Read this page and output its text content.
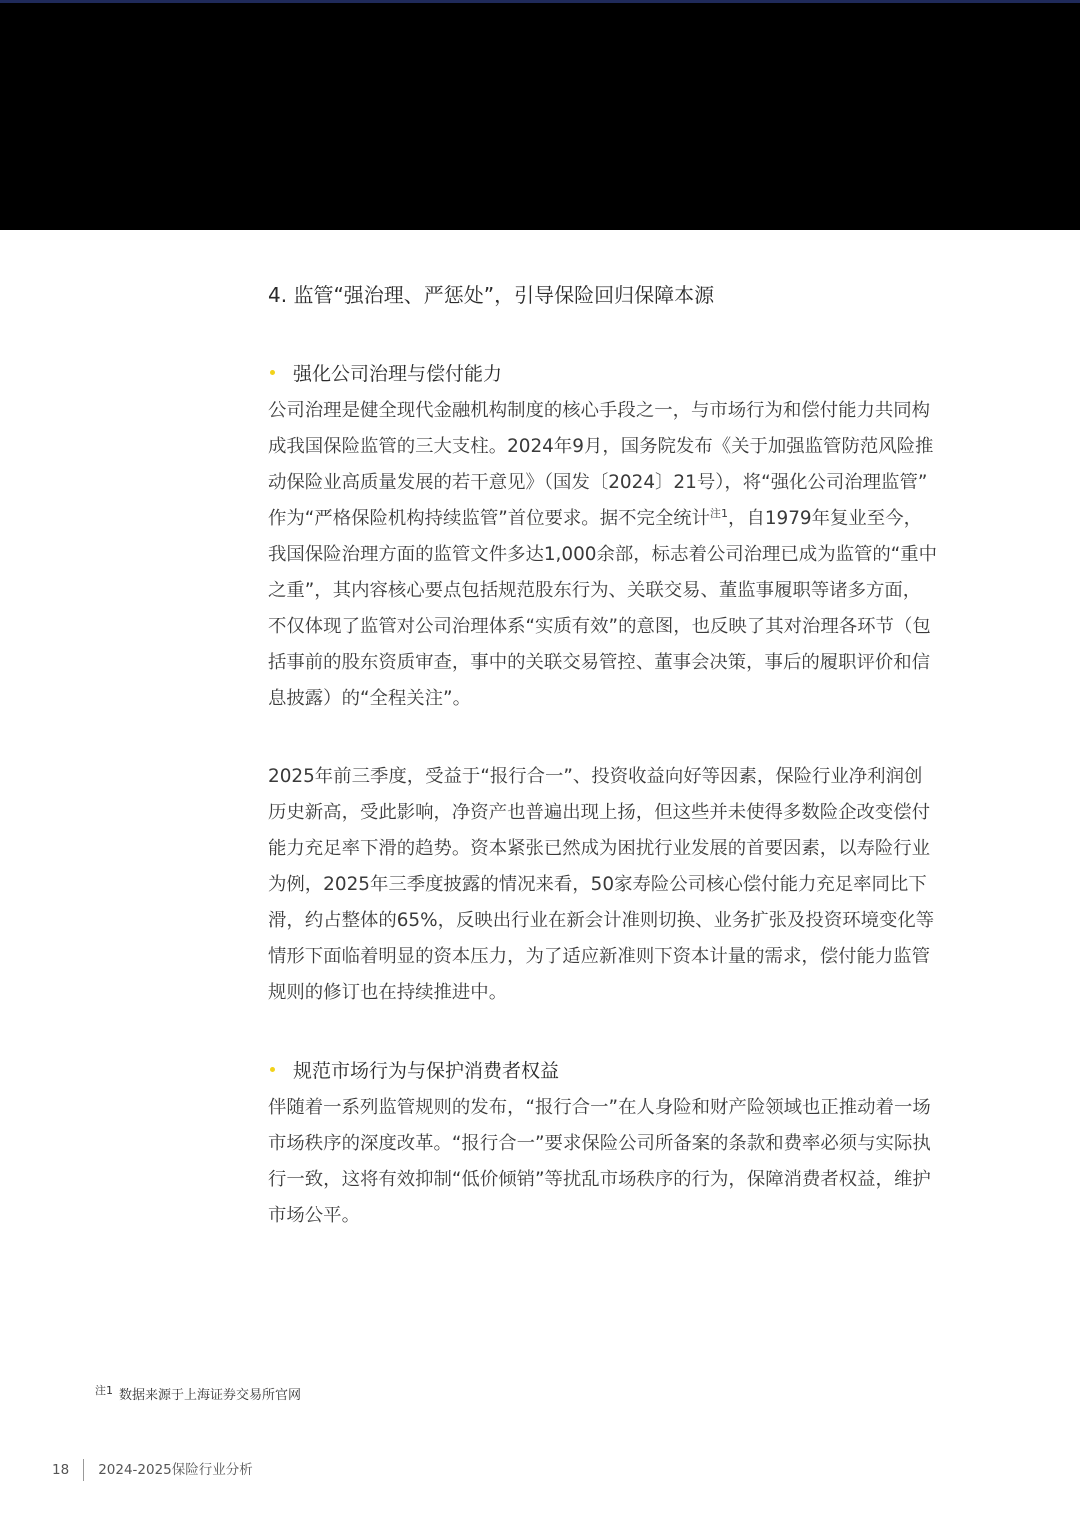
4. 监管“强治理、严惩处”，引导保险回归保障本源
强化公司治理与偿付能力
公司治理是健全现代金融机构制度的核心手段之一，与市场行为和偿付能力共同构
成我国保险监管的三大支柱。2024年9月，国务院发布《关于加强监管防范风险推
动保险业高质量发展的若干意见》（国发〔2024〕21号），将“强化公司治理监管”
作为“严格保险机构持续监管”首位要求。据不完全统计$^{注1}$，自1979年复业至今，
我国保险治理方面的监管文件多达1,000余部，标志着公司治理已成为监管的“重中
之重”，其内容核心要点包括规范股东行为、关联交易、董监事履职等诸多方面，
不仅体现了监管对公司治理体系“实质有效”的意图，也反映了其对治理各环节（包
括事前的股东资质审查，事中的关联交易管控、董事会决策，事后的履职评价和信
息披露）的“全程关注”。
2025年前三季度，受益于“报行合一”、投资收益向好等因素，保险行业净利润创
历史新高，受此影响，净资产也普遍出现上扬，但这些并未使得多数险企改变偿付
能力充足率下滑的趋势。资本紧张已然成为困扰行业发展的首要因素，以寿险行业
为例，2025年三季度披露的情况来看，50家寿险公司核心偿付能力充足率同比下
滑，约占整体的65%，反映出行业在新会计准则切换、业务扩张及投资环境变化等
情形下面临着明显的资本压力，为了适应新准则下资本计量的需求，偿付能力监管
规则的修订也在持续推进中。
规范市场行为与保护消费者权益
伴随着一系列监管规则的发布，“报行合一”在人身险和财产险领域也正推动着一场
市场秩序的深度改革。“报行合一”要求保险公司所备案的条款和费率必须与实际执
行一致，这将有效抑制“低价倾销”等扰乱市场秩序的行为，保障消费者权益，维护
市场公平。
$^{注1}$ 数据来源于上海证券交易所官网
18 2024-2025保险行业分析
